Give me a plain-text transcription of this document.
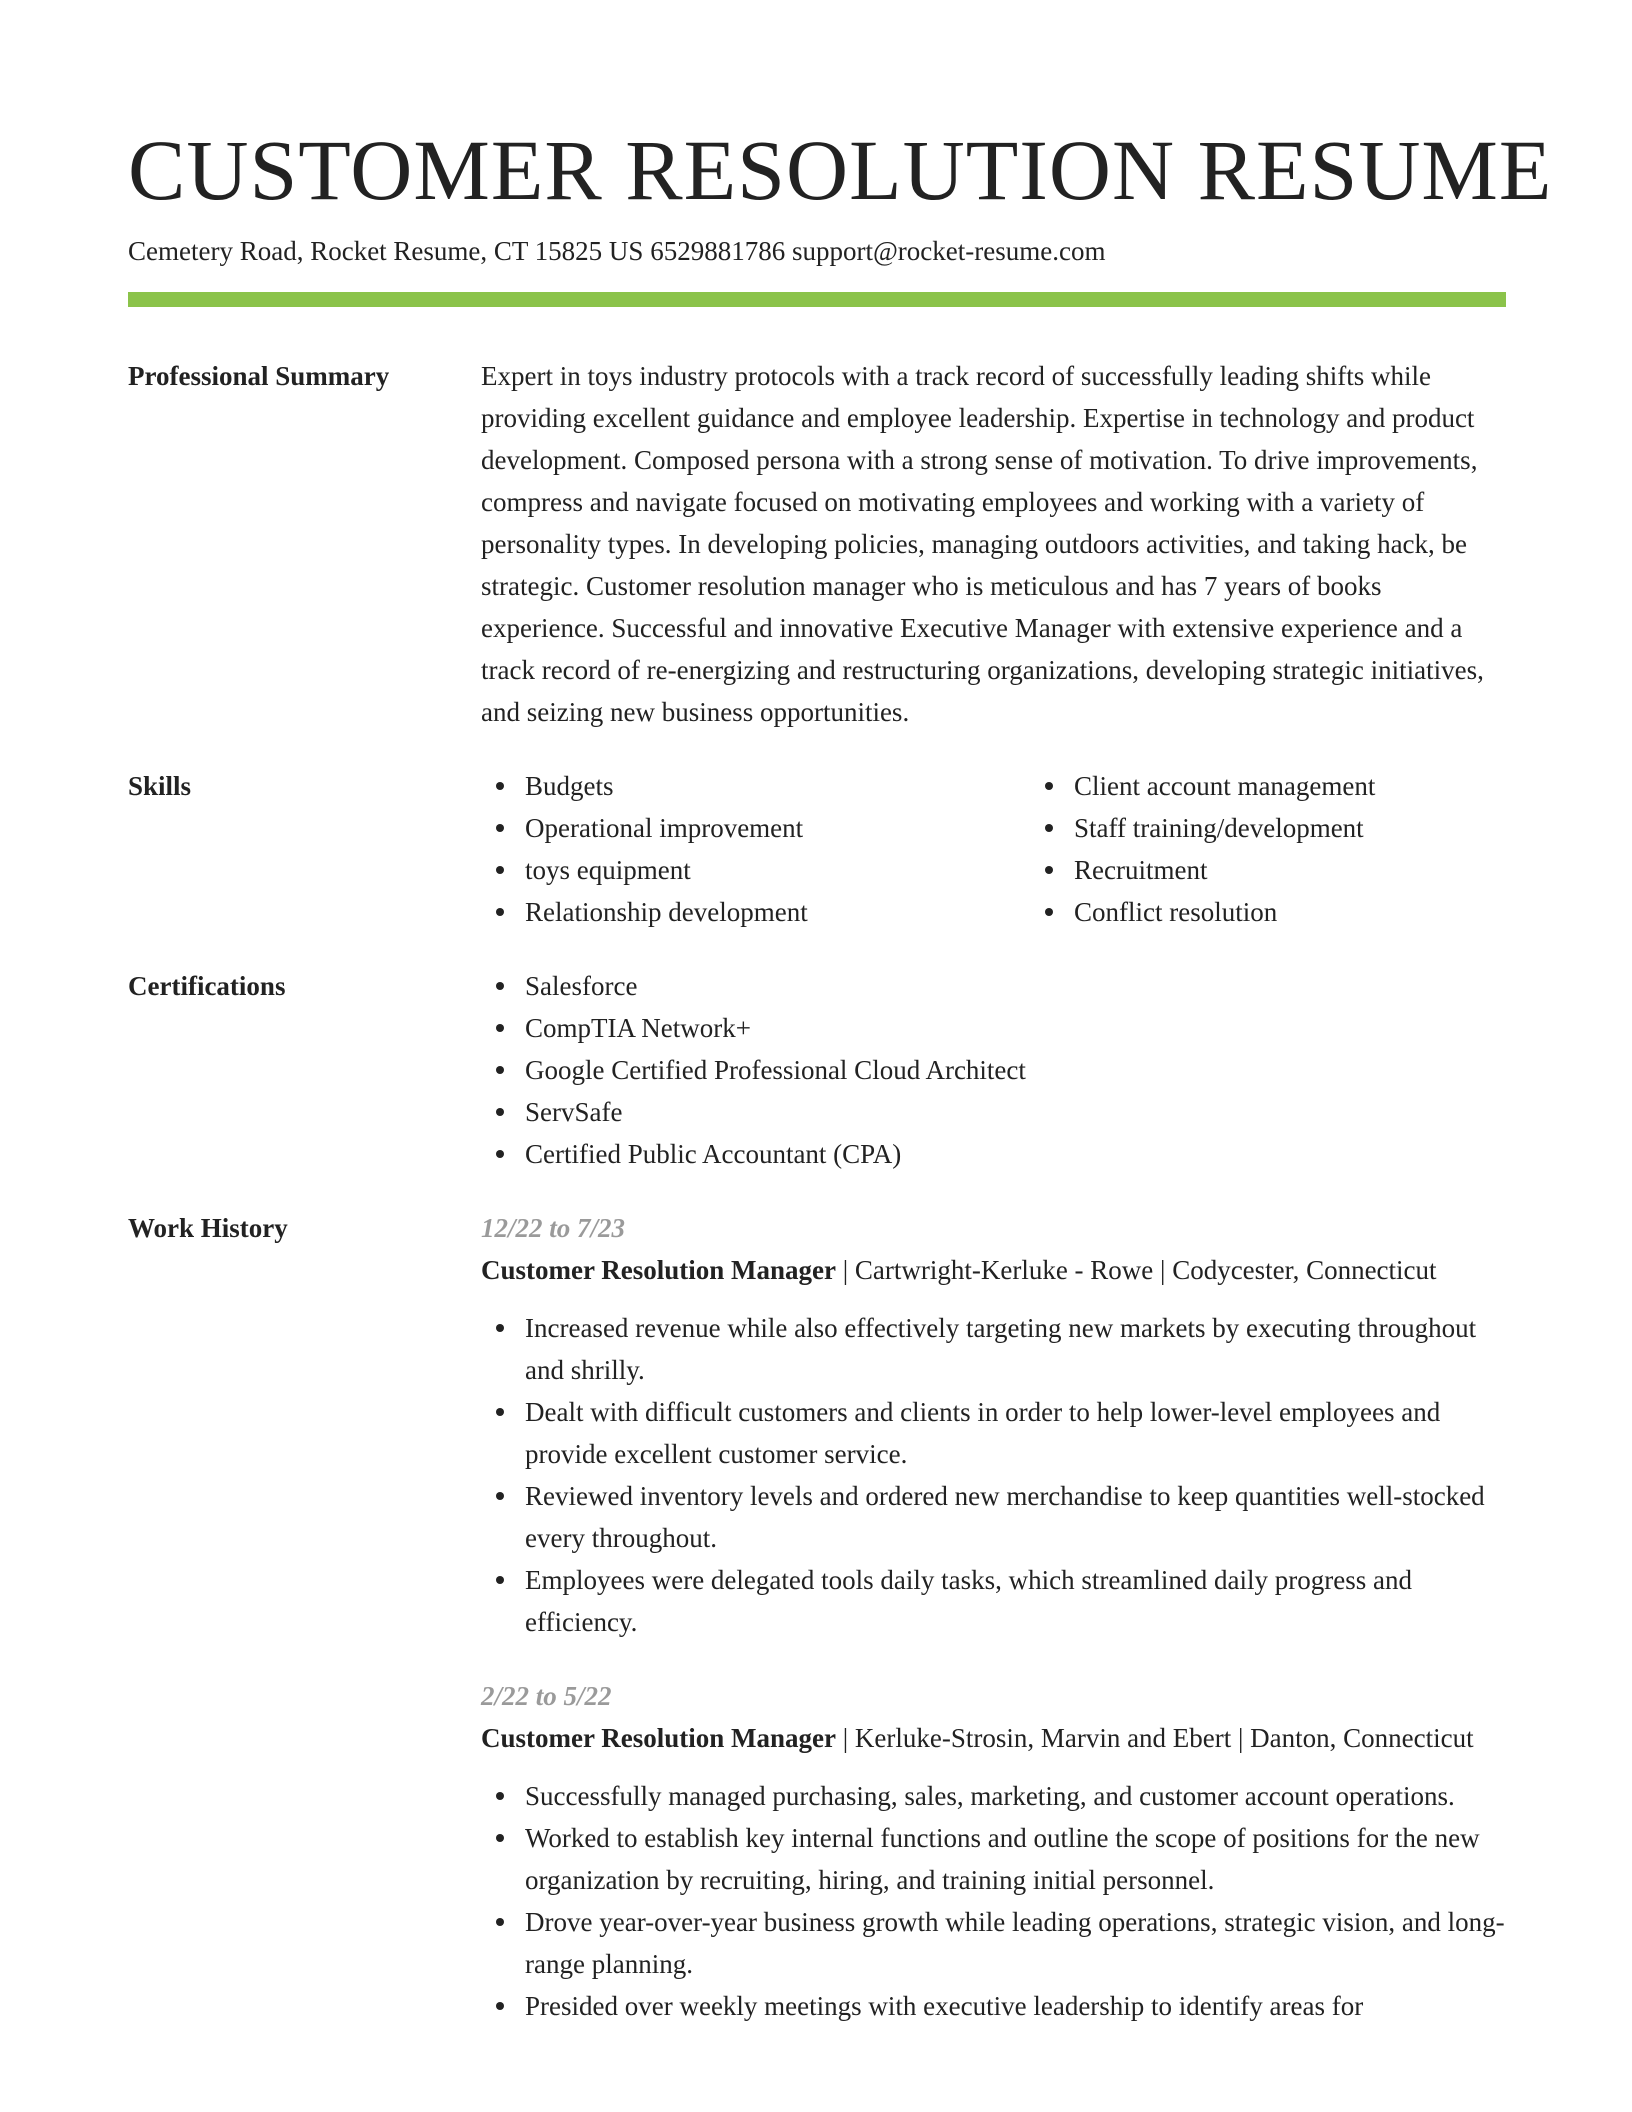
CUSTOMER RESOLUTION RESUME
Cemetery Road, Rocket Resume, CT 15825 US 6529881786 support@rocket-resume.com
Professional Summary	Expert in toys industry protocols with a track record of successfully leading shifts while providing excellent guidance and employee leadership. Expertise in technology and product development. Composed persona with a strong sense of motivation. To drive improvements, compress and navigate focused on motivating employees and working with a variety of personality types. In developing policies, managing outdoors activities, and taking hack, be strategic. Customer resolution manager who is meticulous and has 7 years of books experience. Successful and innovative Executive Manager with extensive experience and a track record of re-energizing and restructuring organizations, developing strategic initiatives, and seizing new business opportunities.
Skills	Budgets
Operational improvement
toys equipment
Relationship development
Client account management
Staff training/development
Recruitment
Conflict resolution
Certifications	Salesforce
CompTIA Network+
Google Certified Professional Cloud Architect
ServSafe
Certified Public Accountant (CPA)
Work History	12/22 to 7/23
Customer Resolution Manager | Cartwright-Kerluke - Rowe | Codycester, Connecticut
Increased revenue while also effectively targeting new markets by executing throughout and shrilly.
Dealt with difficult customers and clients in order to help lower-level employees and provide excellent customer service.
Reviewed inventory levels and ordered new merchandise to keep quantities well-stocked every throughout.
Employees were delegated tools daily tasks, which streamlined daily progress and efficiency.
2/22 to 5/22
Customer Resolution Manager | Kerluke-Strosin, Marvin and Ebert | Danton, Connecticut
Successfully managed purchasing, sales, marketing, and customer account operations.
Worked to establish key internal functions and outline the scope of positions for the new organization by recruiting, hiring, and training initial personnel.
Drove year-over-year business growth while leading operations, strategic vision, and long-range planning.
Presided over weekly meetings with executive leadership to identify areas for
